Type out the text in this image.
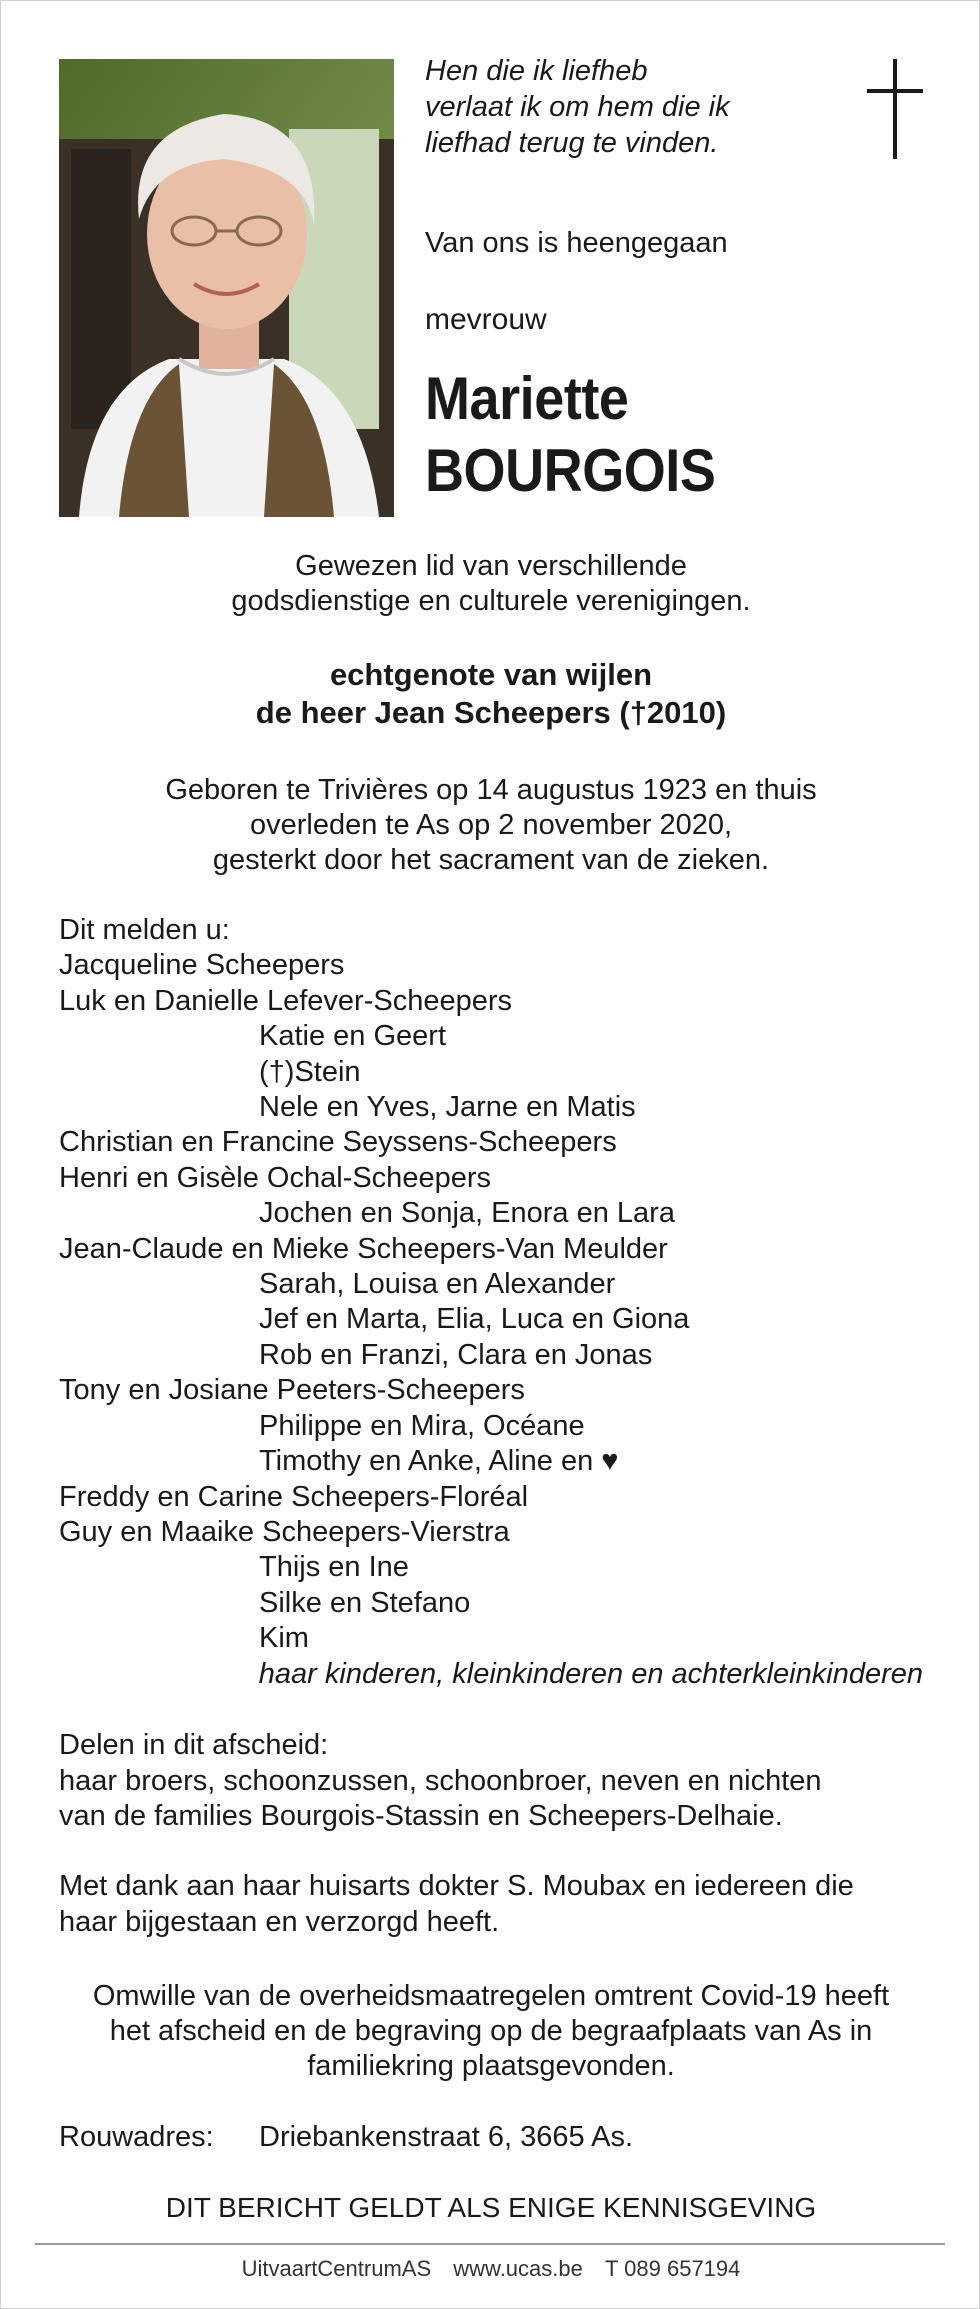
Hen die ik liefheb
verlaat ik om hem die ik
liefhad terug te vinden.
Van ons is heengegaan
mevrouw
Mariette
BOURGOIS
Gewezen lid van verschillende
godsdienstige en culturele verenigingen.
echtgenote van wijlen
de heer Jean Scheepers (†2010)
Geboren te Trivières op 14 augustus 1923 en thuis
overleden te As op 2 november 2020,
gesterkt door het sacrament van de zieken.
Dit melden u:
Jacqueline Scheepers
Luk en Danielle Lefever-Scheepers
Katie en Geert
(†)Stein
Nele en Yves, Jarne en Matis
Christian en Francine Seyssens-Scheepers
Henri en Gisèle Ochal-Scheepers
Jochen en Sonja, Enora en Lara
Jean-Claude en Mieke Scheepers-Van Meulder
Sarah, Louisa en Alexander
Jef en Marta, Elia, Luca en Giona
Rob en Franzi, Clara en Jonas
Tony en Josiane Peeters-Scheepers
Philippe en Mira, Océane
Timothy en Anke, Aline en ♥
Freddy en Carine Scheepers-Floréal
Guy en Maaike Scheepers-Vierstra
Thijs en Ine
Silke en Stefano
Kim
haar kinderen, kleinkinderen en achterkleinkinderen
Delen in dit afscheid:
haar broers, schoonzussen, schoonbroer, neven en nichten
van de families Bourgois-Stassin en Scheepers-Delhaie.
Met dank aan haar huisarts dokter S. Moubax en iedereen die
haar bijgestaan en verzorgd heeft.
Omwille van de overheidsmaatregelen omtrent Covid-19 heeft
het afscheid en de begraving op de begraafplaats van As in
familiekring plaatsgevonden.
Rouwadres: Driebankenstraat 6, 3665 As.
DIT BERICHT GELDT ALS ENIGE KENNISGEVING
UitvaartCentrumAS www.ucas.be T 089 657194
